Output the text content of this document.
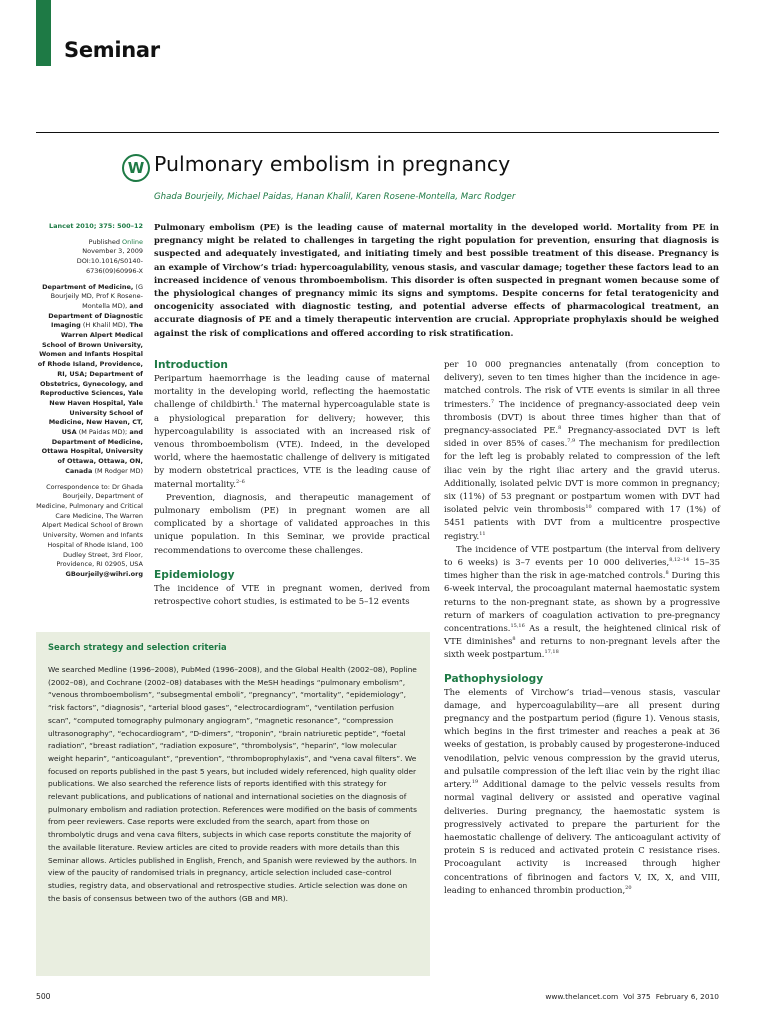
Seminar
W Pulmonary embolism in pregnancy

Ghada Bourjeily, Michael Paidas, Hanan Khalil, Karen Rosene-Montella, Marc Rodger

Lancet 2010; 375: 500–12

Published Online
November 3, 2009
DOI:10.1016/S0140-6736(09)60996-X

Department of Medicine, (G Bourjeily MD, Prof K Rosene-Montella MD), and Department of Diagnostic Imaging (H Khalil MD), The Warren Alpert Medical School of Brown University, Women and Infants Hospital of Rhode Island, Providence, RI, USA; Department of Obstetrics, Gynecology, and Reproductive Sciences, Yale New Haven Hospital, Yale University School of Medicine, New Haven, CT, USA (M Paidas MD); and Department of Medicine, Ottawa Hospital, University of Ottawa, Ottawa, ON, Canada (M Rodger MD)

Correspondence to: Dr Ghada Bourjeily, Department of Medicine, Pulmonary and Critical Care Medicine, The Warren Alpert Medical School of Brown University, Women and Infants Hospital of Rhode Island, 100 Dudley Street, 3rd Floor, Providence, RI 02905, USA
GBourjeily@wihri.org

Pulmonary embolism (PE) is the leading cause of maternal mortality in the developed world. Mortality from PE in pregnancy might be related to challenges in targeting the right population for prevention, ensuring that diagnosis is suspected and adequately investigated, and initiating timely and best possible treatment of this disease. Pregnancy is an example of Virchow’s triad: hypercoagulability, venous stasis, and vascular damage; together these factors lead to an increased incidence of venous thromboembolism. This disorder is often suspected in pregnant women because some of the physiological changes of pregnancy mimic its signs and symptoms. Despite concerns for fetal teratogenicity and oncogenicity associated with diagnostic testing, and potential adverse effects of pharmacological treatment, an accurate diagnosis of PE and a timely therapeutic intervention are crucial. Appropriate prophylaxis should be weighed against the risk of complications and offered according to risk stratification.

Introduction

Peripartum haemorrhage is the leading cause of maternal mortality in the developing world, reflecting the haemostatic challenge of childbirth.$^1$ The maternal hypercoagulable state is a physiological preparation for delivery; however, this hypercoagulability is associated with an increased risk of venous thromboembolism (VTE). Indeed, in the developed world, where the haemostatic challenge of delivery is mitigated by modern obstetrical practices, VTE is the leading cause of maternal mortality.$^{2-6}$

Prevention, diagnosis, and therapeutic management of pulmonary embolism (PE) in pregnant women are all complicated by a shortage of validated approaches in this unique population. In this Seminar, we provide practical recommendations to overcome these challenges.

Epidemiology

The incidence of VTE in pregnant women, derived from retrospective cohort studies, is estimated to be 5–12 events

per 10 000 pregnancies antenatally (from conception to delivery), seven to ten times higher than the incidence in age-matched controls. The risk of VTE events is similar in all three trimesters.$^7$ The incidence of pregnancy-associated deep vein thrombosis (DVT) is about three times higher than that of pregnancy-associated PE.$^8$ Pregnancy-associated DVT is left sided in over 85% of cases.$^{7,9}$ The mechanism for predilection for the left leg is probably related to compression of the left iliac vein by the right iliac artery and the gravid uterus. Additionally, isolated pelvic DVT is more common in pregnancy; six (11%) of 53 pregnant or postpartum women with DVT had isolated pelvic vein thrombosis$^{10}$ compared with 17 (1%) of 5451 patients with DVT from a multicentre prospective registry.$^{11}$

The incidence of VTE postpartum (the interval from delivery to 6 weeks) is 3–7 events per 10 000 deliveries,$^{8,12-14}$ 15–35 times higher than the risk in age-matched controls.$^8$ During this 6-week interval, the procoagulant maternal haemostatic system returns to the non-pregnant state, as shown by a progressive return of markers of coagulation activation to pre-pregnancy concentrations.$^{15,16}$ As a result, the heightened clinical risk of VTE diminishes$^8$ and returns to non-pregnant levels after the sixth week postpartum.$^{17,18}$

Pathophysiology

The elements of Virchow’s triad—venous stasis, vascular damage, and hypercoagulability—are all present during pregnancy and the postpartum period (figure 1). Venous stasis, which begins in the first trimester and reaches a peak at 36 weeks of gestation, is probably caused by progesterone-induced venodilation, pelvic venous compression by the gravid uterus, and pulsatile compression of the left iliac vein by the right iliac artery.$^{19}$ Additional damage to the pelvic vessels results from normal vaginal delivery or assisted and operative vaginal deliveries. During pregnancy, the haemostatic system is progressively activated to prepare the parturient for the haemostatic challenge of delivery. The anticoagulant activity of protein S is reduced and activated protein C resistance rises. Procoagulant activity is increased through higher concentrations of fibrinogen and factors V, IX, X, and VIII, leading to enhanced thrombin production,$^{20}$

Search strategy and selection criteria

We searched Medline (1996–2008), PubMed (1996–2008), and the Global Health (2002–08), Popline (2002–08), and Cochrane (2002–08) databases with the MeSH headings “pulmonary embolism”, “venous thromboembolism”, “subsegmental emboli”, “pregnancy”, “mortality”, “epidemiology”, “risk factors”, “diagnosis”, “arterial blood gases”, “electrocardiogram”, “ventilation perfusion scan”, “computed tomography pulmonary angiogram”, “magnetic resonance”, “compression ultrasonography”, “echocardiogram”, “D-dimers”, “troponin”, “brain natriuretic peptide”, “foetal radiation”, “breast radiation”, “radiation exposure”, “thrombolysis”, “heparin”, “low molecular weight heparin”, “anticoagulant”, “prevention”, “thromboprophylaxis”, and “vena caval filters”. We focused on reports published in the past 5 years, but included widely referenced, high quality older publications. We also searched the reference lists of reports identified with this strategy for relevant publications, and publications of national and international societies on the diagnosis of pulmonary embolism and radiation protection. References were modified on the basis of comments from peer reviewers. Case reports were excluded from the search, apart from those on thrombolytic drugs and vena cava filters, subjects in which case reports constitute the majority of the available literature. Review articles are cited to provide readers with more details than this Seminar allows. Articles published in English, French, and Spanish were reviewed by the authors. In view of the paucity of randomised trials in pregnancy, article selection included case–control studies, registry data, and observational and retrospective studies. Article selection was done on the basis of consensus between two of the authors (GB and MR).

500	www.thelancet.com Vol 375 February 6, 2010
